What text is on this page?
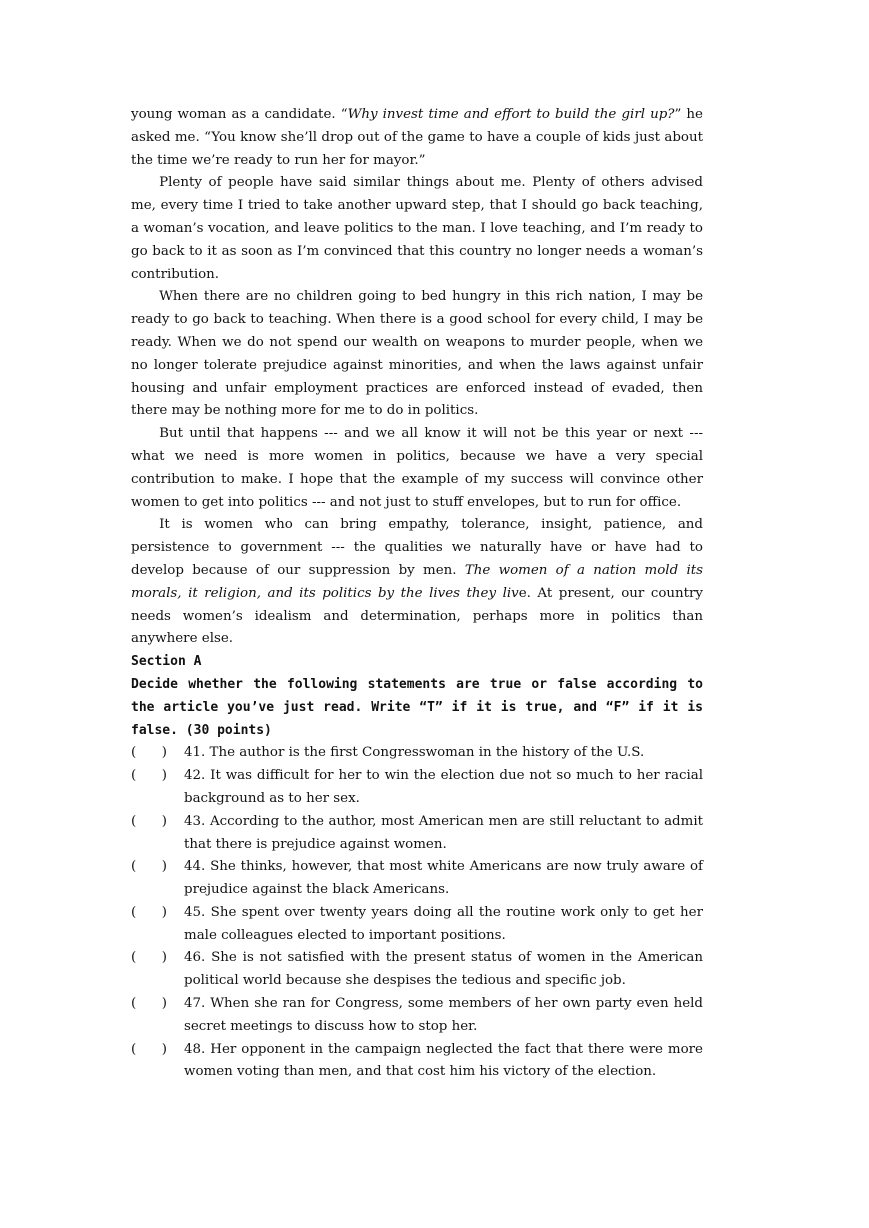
young woman as a candidate. “Why invest time and effort to build the girl up?” he asked me. “You know she’ll drop out of the game to have a couple of kids just about the time we’re ready to run her for mayor.”

Plenty of people have said similar things about me. Plenty of others advised me, every time I tried to take another upward step, that I should go back teaching, a woman’s vocation, and leave politics to the man. I love teaching, and I’m ready to go back to it as soon as I’m convinced that this country no longer needs a woman’s contribution.

When there are no children going to bed hungry in this rich nation, I may be ready to go back to teaching. When there is a good school for every child, I may be ready. When we do not spend our wealth on weapons to murder people, when we no longer tolerate prejudice against minorities, and when the laws against unfair housing and unfair employment practices are enforced instead of evaded, then there may be nothing more for me to do in politics.

But until that happens --- and we all know it will not be this year or next --- what we need is more women in politics, because we have a very special contribution to make. I hope that the example of my success will convince other women to get into politics --- and not just to stuff envelopes, but to run for office.

It is women who can bring empathy, tolerance, insight, patience, and persistence to government --- the qualities we naturally have or have had to develop because of our suppression by men. The women of a nation mold its morals, it religion, and its politics by the lives they live. At present, our country needs women’s idealism and determination, perhaps more in politics than anywhere else.

Section A
Decide whether the following statements are true or false according to the article you’ve just read. Write “T” if it is true, and “F” if it is false. (30 points)
(      )	41. The author is the first Congresswoman in the history of the U.S.
(      )	42. It was difficult for her to win the election due not so much to her racial background as to her sex.
(      )	43. According to the author, most American men are still reluctant to admit that there is prejudice against women.
(      )	44. She thinks, however, that most white Americans are now truly aware of prejudice against the black Americans.
(      )	45. She spent over twenty years doing all the routine work only to get her male colleagues elected to important positions.
(      )	46. She is not satisfied with the present status of women in the American political world because she despises the tedious and specific job.
(      )	47. When she ran for Congress, some members of her own party even held secret meetings to discuss how to stop her.
(      )	48. Her opponent in the campaign neglected the fact that there were more women voting than men, and that cost him his victory of the election.
